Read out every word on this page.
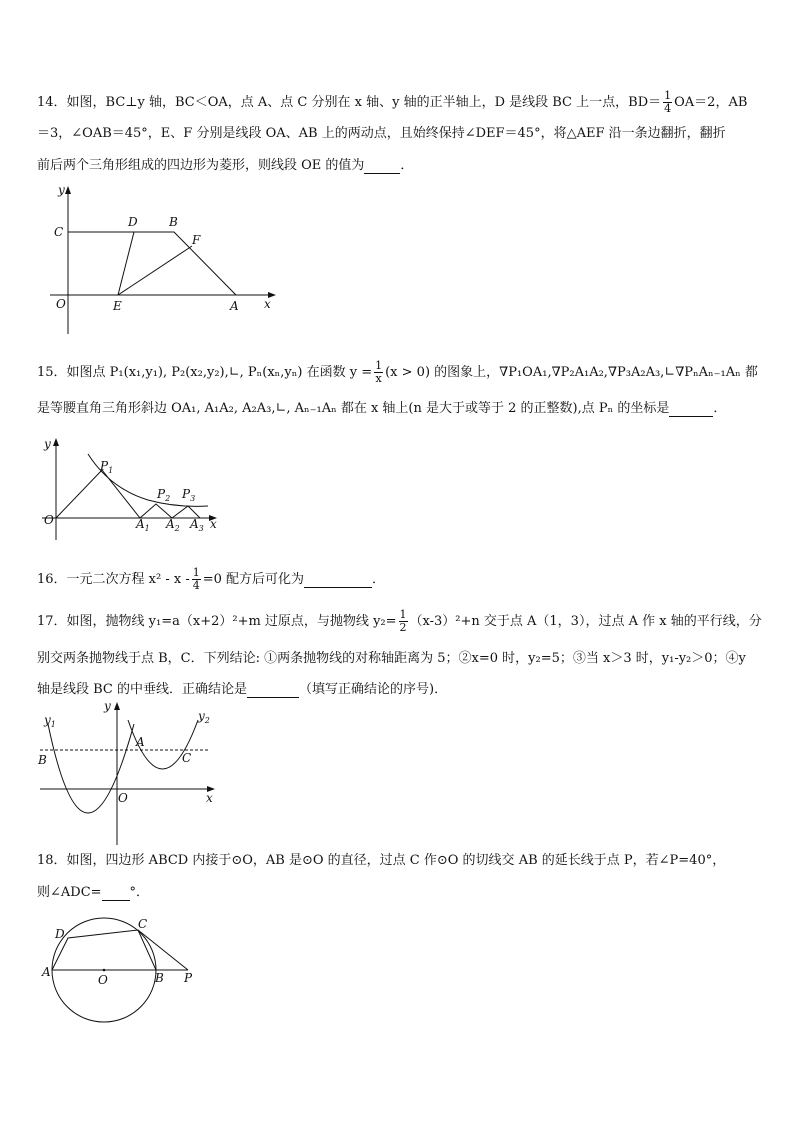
14．如图，BC⊥y 轴，BC＜OA，点 A、点 C 分别在 x 轴、y 轴的正半轴上，D 是线段 BC 上一点，$BD= \frac{1}{4} OA=2$，AB
＝3，∠OAB＝45°，E、F 分别是线段 OA、AB 上的两动点，且始终保持∠DEF＝45°，将△AEF 沿一条边翻折，翻折
前后两个三角形组成的四边形为菱形，则线段 OE 的值为	．
y
x
C
D	B
F
O	E	A
15．如图点 P₁(x₁,y₁), P₂(x₂,y₂),∟, Pₙ(xₙ,yₙ) 在函数 $y = \frac{1}{x} (x > 0)$ 的图象上，∇P₁OA₁,∇P₂A₁A₂,∇P₃A₂A₃,∟∇PₙAₙ₋₁Aₙ 都
是等腰直角三角形斜边 OA₁, A₁A₂, A₂A₃,∟, Aₙ₋₁Aₙ 都在 x 轴上(n 是大于或等于 2 的正整数),点 Pₙ 的坐标是	．
y
$P_1$
$P_2$ $P_3$
O	$A_1$ $A_2$ $A_3$ x
16．一元二次方程 $x^2 - x - \frac{1}{4} =0$ 配方后可化为	．
17．如图，抛物线 y₁=a（x+2）²+m 过原点，与抛物线 $y_2= \frac{1}{2} (x-3)^2+n$ 交于点 A（1，3），过点 A 作 x 轴的平行线，分
别交两条抛物线于点 B，C．下列结论: ①两条抛物线的对称轴距离为 5；②x=0 时，y₂=5；③当 x＞3 时，y₁-y₂＞0；④y
轴是线段 BC 的中垂线．正确结论是	（填写正确结论的序号)．
$y_1$
y
$y_2$
A
B	C
O	x
18．如图，四边形 ABCD 内接于⊙O，AB 是⊙O 的直径，过点 C 作⊙O 的切线交 AB 的延长线于点 P，若∠P=40°，
则∠ADC= °．
D
C
A
O	B P
